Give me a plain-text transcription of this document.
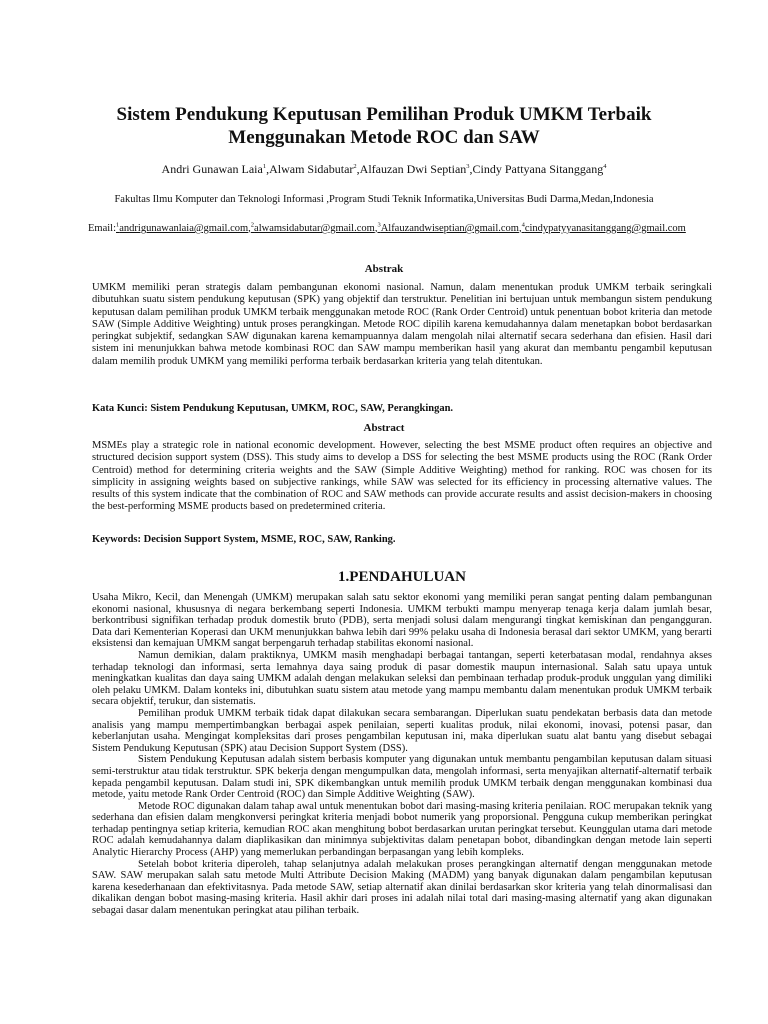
Sistem Pendukung Keputusan Pemilihan Produk UMKM Terbaik
Menggunakan Metode ROC dan SAW

Andri Gunawan Laia$^1$,Alwam Sidabutar$^2$,Alfauzan Dwi Septian$^3$,Cindy Pattyana Sitanggang$^4$

Fakultas Ilmu Komputer dan Teknologi Informasi ,Program Studi Teknik Informatika,Universitas Budi Darma,Medan,Indonesia

Email:$^1$andrigunawanlaia@gmail.com,$^2$alwamsidabutar@gmail.com,$^3$Alfauzandwiseptian@gmail.com,$^4$cindypatyyanasitanggang@gmail.com

Abstrak

UMKM memiliki peran strategis dalam pembangunan ekonomi nasional. Namun, dalam menentukan produk UMKM terbaik seringkali dibutuhkan suatu sistem pendukung keputusan (SPK) yang objektif dan terstruktur. Penelitian ini bertujuan untuk membangun sistem pendukung keputusan dalam pemilihan produk UMKM terbaik menggunakan metode ROC (Rank Order Centroid) untuk penentuan bobot kriteria dan metode SAW (Simple Additive Weighting) untuk proses perangkingan. Metode ROC dipilih karena kemudahannya dalam menetapkan bobot berdasarkan peringkat subjektif, sedangkan SAW digunakan karena kemampuannya dalam mengolah nilai alternatif secara sederhana dan efisien. Hasil dari sistem ini menunjukkan bahwa metode kombinasi ROC dan SAW mampu memberikan hasil yang akurat dan membantu pengambil keputusan dalam memilih produk UMKM yang memiliki performa terbaik berdasarkan kriteria yang telah ditentukan.

Kata Kunci: Sistem Pendukung Keputusan, UMKM, ROC, SAW, Perangkingan.

Abstract

MSMEs play a strategic role in national economic development. However, selecting the best MSME product often requires an objective and structured decision support system (DSS). This study aims to develop a DSS for selecting the best MSME products using the ROC (Rank Order Centroid) method for determining criteria weights and the SAW (Simple Additive Weighting) method for ranking. ROC was chosen for its simplicity in assigning weights based on subjective rankings, while SAW was selected for its efficiency in processing alternative values. The results of this system indicate that the combination of ROC and SAW methods can provide accurate results and assist decision-makers in choosing the best-performing MSME products based on predetermined criteria.

Keywords: Decision Support System, MSME, ROC, SAW, Ranking.

1.PENDAHULUAN

Usaha Mikro, Kecil, dan Menengah (UMKM) merupakan salah satu sektor ekonomi yang memiliki peran sangat penting dalam pembangunan ekonomi nasional, khususnya di negara berkembang seperti Indonesia. UMKM terbukti mampu menyerap tenaga kerja dalam jumlah besar, berkontribusi signifikan terhadap produk domestik bruto (PDB), serta menjadi solusi dalam mengurangi tingkat kemiskinan dan pengangguran. Data dari Kementerian Koperasi dan UKM menunjukkan bahwa lebih dari 99% pelaku usaha di Indonesia berasal dari sektor UMKM, yang berarti eksistensi dan kemajuan UMKM sangat berpengaruh terhadap stabilitas ekonomi nasional.

Namun demikian, dalam praktiknya, UMKM masih menghadapi berbagai tantangan, seperti keterbatasan modal, rendahnya akses terhadap teknologi dan informasi, serta lemahnya daya saing produk di pasar domestik maupun internasional. Salah satu upaya untuk meningkatkan kualitas dan daya saing UMKM adalah dengan melakukan seleksi dan pembinaan terhadap produk-produk unggulan yang dimiliki oleh pelaku UMKM. Dalam konteks ini, dibutuhkan suatu sistem atau metode yang mampu membantu dalam menentukan produk UMKM terbaik secara objektif, terukur, dan sistematis.

Pemilihan produk UMKM terbaik tidak dapat dilakukan secara sembarangan. Diperlukan suatu pendekatan berbasis data dan metode analisis yang mampu mempertimbangkan berbagai aspek penilaian, seperti kualitas produk, nilai ekonomi, inovasi, potensi pasar, dan keberlanjutan usaha. Mengingat kompleksitas dari proses pengambilan keputusan ini, maka diperlukan suatu alat bantu yang disebut sebagai Sistem Pendukung Keputusan (SPK) atau Decision Support System (DSS).

Sistem Pendukung Keputusan adalah sistem berbasis komputer yang digunakan untuk membantu pengambilan keputusan dalam situasi semi-terstruktur atau tidak terstruktur. SPK bekerja dengan mengumpulkan data, mengolah informasi, serta menyajikan alternatif-alternatif terbaik kepada pengambil keputusan. Dalam studi ini, SPK dikembangkan untuk memilih produk UMKM terbaik dengan menggunakan kombinasi dua metode, yaitu metode Rank Order Centroid (ROC) dan Simple Additive Weighting (SAW).

Metode ROC digunakan dalam tahap awal untuk menentukan bobot dari masing-masing kriteria penilaian. ROC merupakan teknik yang sederhana dan efisien dalam mengkonversi peringkat kriteria menjadi bobot numerik yang proporsional. Pengguna cukup memberikan peringkat terhadap pentingnya setiap kriteria, kemudian ROC akan menghitung bobot berdasarkan urutan peringkat tersebut. Keunggulan utama dari metode ROC adalah kemudahannya dalam diaplikasikan dan minimnya subjektivitas dalam penetapan bobot, dibandingkan dengan metode lain seperti Analytic Hierarchy Process (AHP) yang memerlukan perbandingan berpasangan yang lebih kompleks.

Setelah bobot kriteria diperoleh, tahap selanjutnya adalah melakukan proses perangkingan alternatif dengan menggunakan metode SAW. SAW merupakan salah satu metode Multi Attribute Decision Making (MADM) yang banyak digunakan dalam pengambilan keputusan karena kesederhanaan dan efektivitasnya. Pada metode SAW, setiap alternatif akan dinilai berdasarkan skor kriteria yang telah dinormalisasi dan dikalikan dengan bobot masing-masing kriteria. Hasil akhir dari proses ini adalah nilai total dari masing-masing alternatif yang akan digunakan sebagai dasar dalam menentukan peringkat atau pilihan terbaik.
